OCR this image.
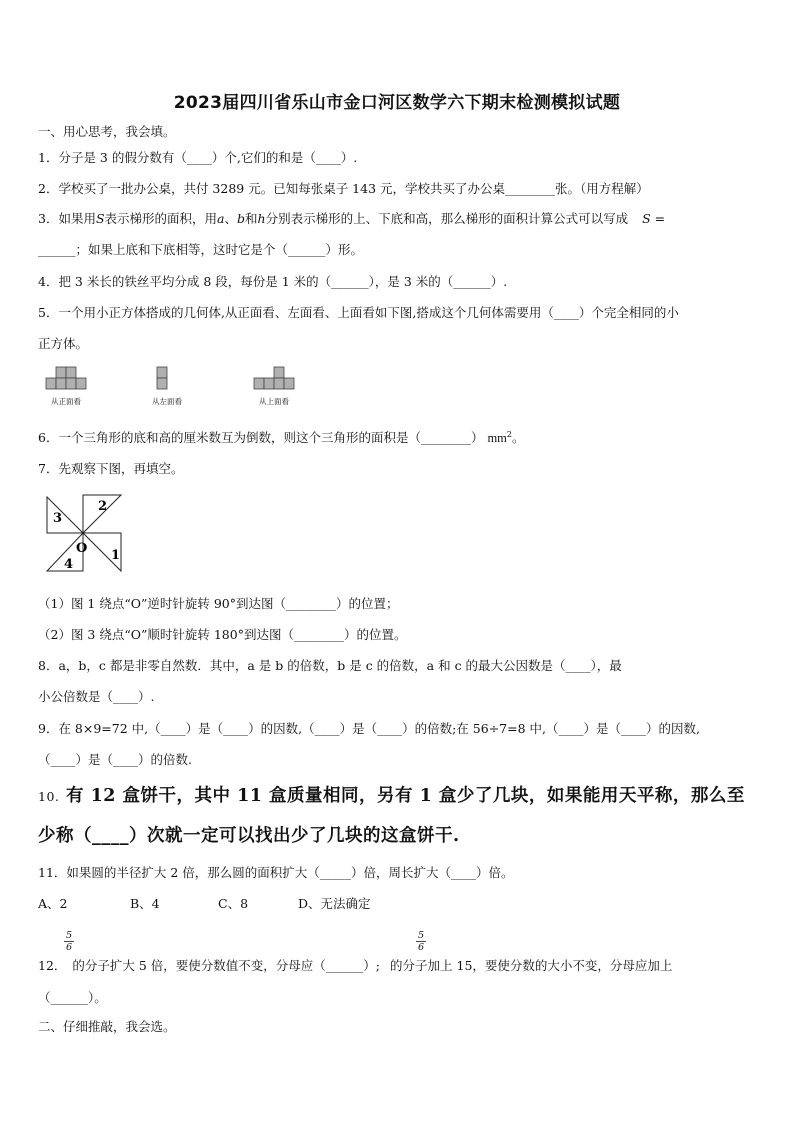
2023届四川省乐山市金口河区数学六下期末检测模拟试题
一、用心思考，我会填。
1．分子是 3 的假分数有（____）个,它们的和是（____）.
2．学校买了一批办公桌，共付 3289 元。已知每张桌子 143 元，学校共买了办公桌________张。（用方程解）
3．如果用S表示梯形的面积，用a、b和h分别表示梯形的上、下底和高，那么梯形的面积计算公式可以写成 S =
______；如果上底和下底相等，这时它是个（______）形。
4．把 3 米长的铁丝平均分成 8 段，每份是 1 米的（______），是 3 米的（______）.
5．一个用小正方体搭成的几何体,从正面看、左面看、上面看如下图,搭成这个几何体需要用（____）个完全相同的小
正方体。
从正面看	从左面看	从上面看
6．一个三角形的底和高的厘米数互为倒数，则这个三角形的面积是（________） $mm^2$。
7．先观察下图，再填空。
3
2
1
4
O
（1）图 1 绕点“O”逆时针旋转 90°到达图（________）的位置；
（2）图 3 绕点“O”顺时针旋转 180°到达图（________）的位置。
8．a，b，c 都是非零自然数．其中，a 是 b 的倍数，b 是 c 的倍数，a 和 c 的最大公因数是（____），最
小公倍数是（____）.
9．在 8×9=72 中,（____）是（____）的因数,（____）是（____）的倍数;在 56÷7=8 中,（____）是（____）的因数,
（____）是（____）的倍数.
10. 有 12 盒饼干，其中 11 盒质量相同，另有 1 盒少了几块，如果能用天平称，那么至
少称（____）次就一定可以找出少了几块的这盒饼干.
11．如果圆的半径扩大 2 倍，那么圆的面积扩大（_____）倍，周长扩大（____）倍。
A、2	B、4	C、8	D、无法确定
5
6
5
6
12． 的分子扩大 5 倍，要使分数值不变，分母应（______）; 的分子加上 15，要使分数的大小不变，分母应加上
（______）。
二、仔细推敲，我会选。
